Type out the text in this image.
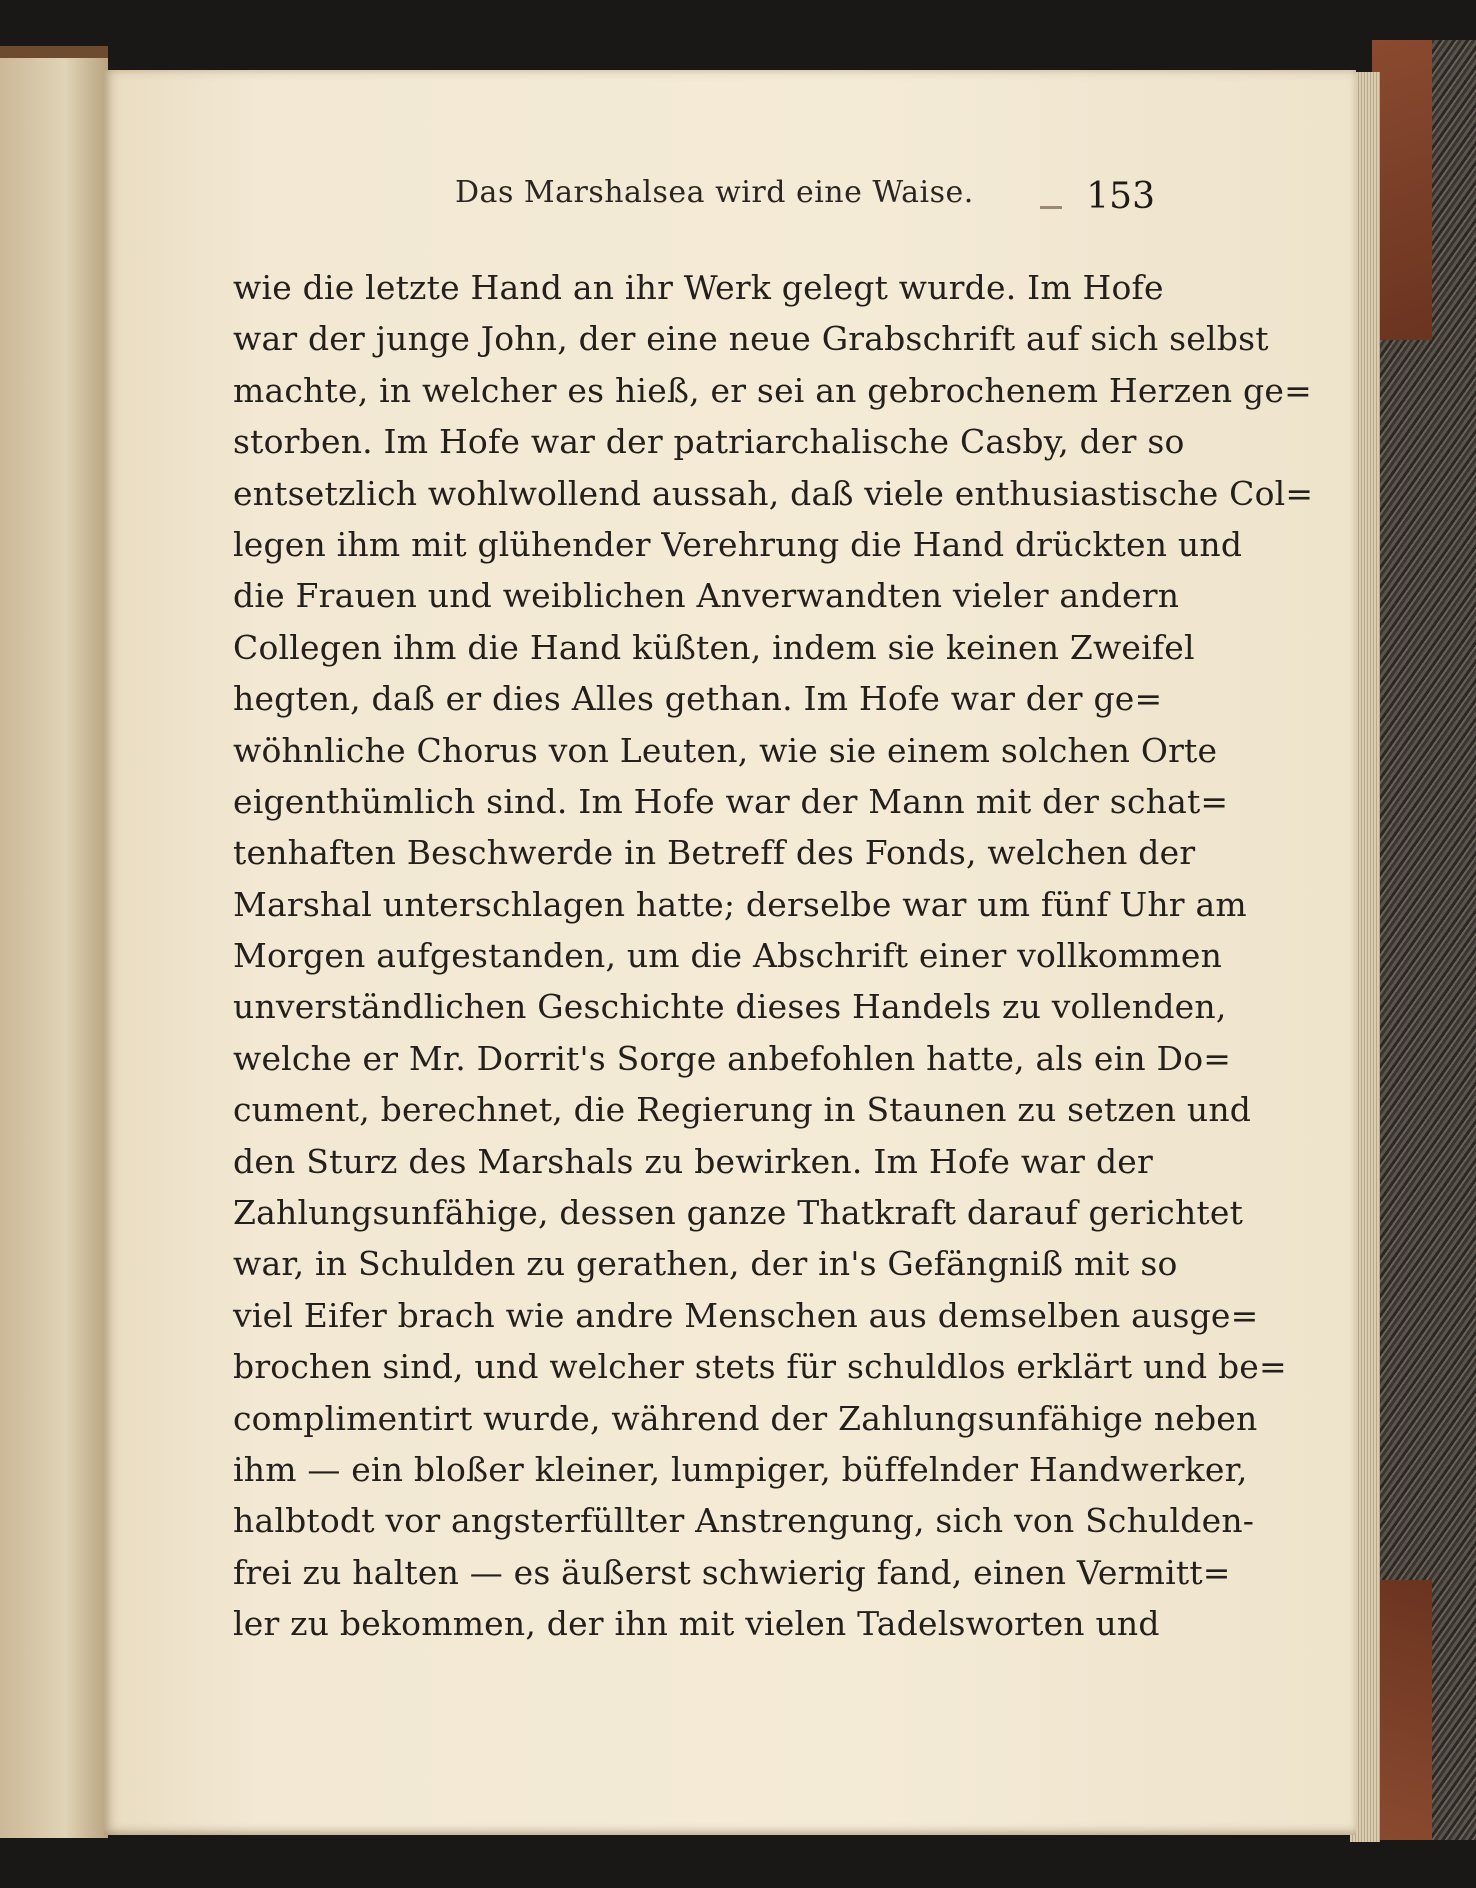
Das Marshalsea wird eine Waise.	153
wie die letzte Hand an ihr Werk gelegt wurde. Im Hofe
war der junge John, der eine neue Grabschrift auf sich selbst
machte, in welcher es hieß, er sei an gebrochenem Herzen ge=
storben. Im Hofe war der patriarchalische Casby, der so
entsetzlich wohlwollend aussah, daß viele enthusiastische Col=
legen ihm mit glühender Verehrung die Hand drückten und
die Frauen und weiblichen Anverwandten vieler andern
Collegen ihm die Hand küßten, indem sie keinen Zweifel
hegten, daß er dies Alles gethan. Im Hofe war der ge=
wöhnliche Chorus von Leuten, wie sie einem solchen Orte
eigenthümlich sind. Im Hofe war der Mann mit der schat=
tenhaften Beschwerde in Betreff des Fonds, welchen der
Marshal unterschlagen hatte; derselbe war um fünf Uhr am
Morgen aufgestanden, um die Abschrift einer vollkommen
unverständlichen Geschichte dieses Handels zu vollenden,
welche er Mr. Dorrit's Sorge anbefohlen hatte, als ein Do=
cument, berechnet, die Regierung in Staunen zu setzen und
den Sturz des Marshals zu bewirken. Im Hofe war der
Zahlungsunfähige, dessen ganze Thatkraft darauf gerichtet
war, in Schulden zu gerathen, der in's Gefängniß mit so
viel Eifer brach wie andre Menschen aus demselben ausge=
brochen sind, und welcher stets für schuldlos erklärt und be=
complimentirt wurde, während der Zahlungsunfähige neben
ihm — ein bloßer kleiner, lumpiger, büffelnder Handwerker,
halbtodt vor angsterfüllter Anstrengung, sich von Schulden-
frei zu halten — es äußerst schwierig fand, einen Vermitt=
ler zu bekommen, der ihn mit vielen Tadelsworten und
